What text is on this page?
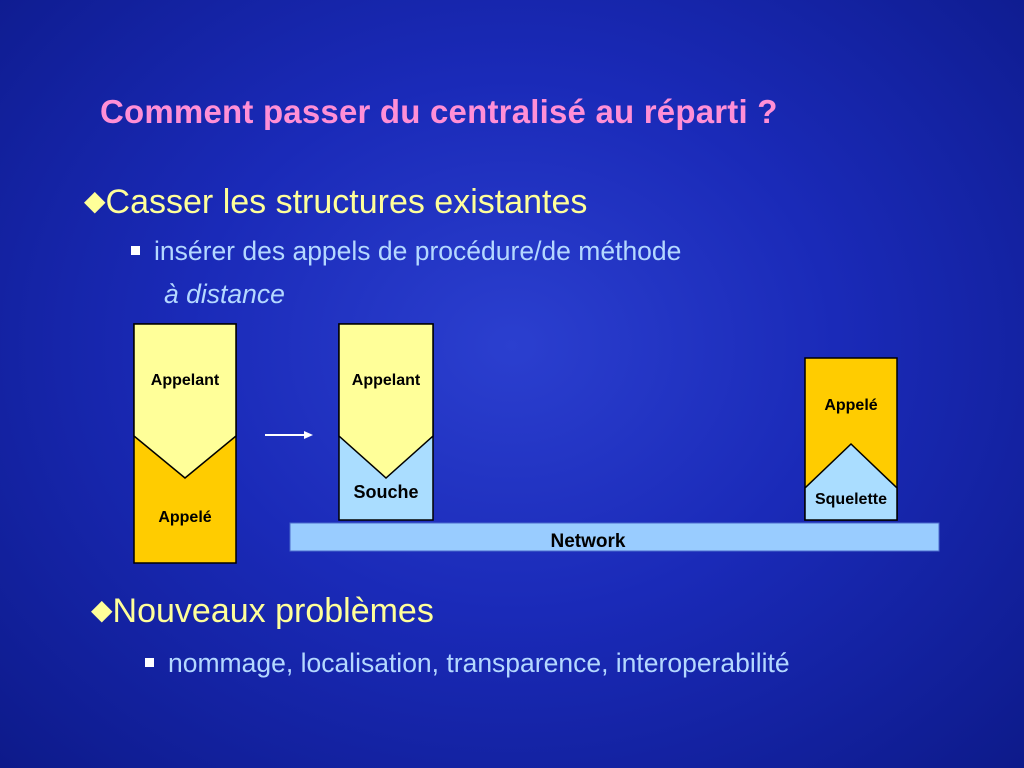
Comment passer du centralisé au réparti ?
◆Casser les structures existantes
insérer des appels de procédure/de méthode
à distance
Appelant
Appelé
Appelant
Souche
Appelé
Squelette
Network
◆Nouveaux problèmes
nommage, localisation, transparence, interoperabilité
